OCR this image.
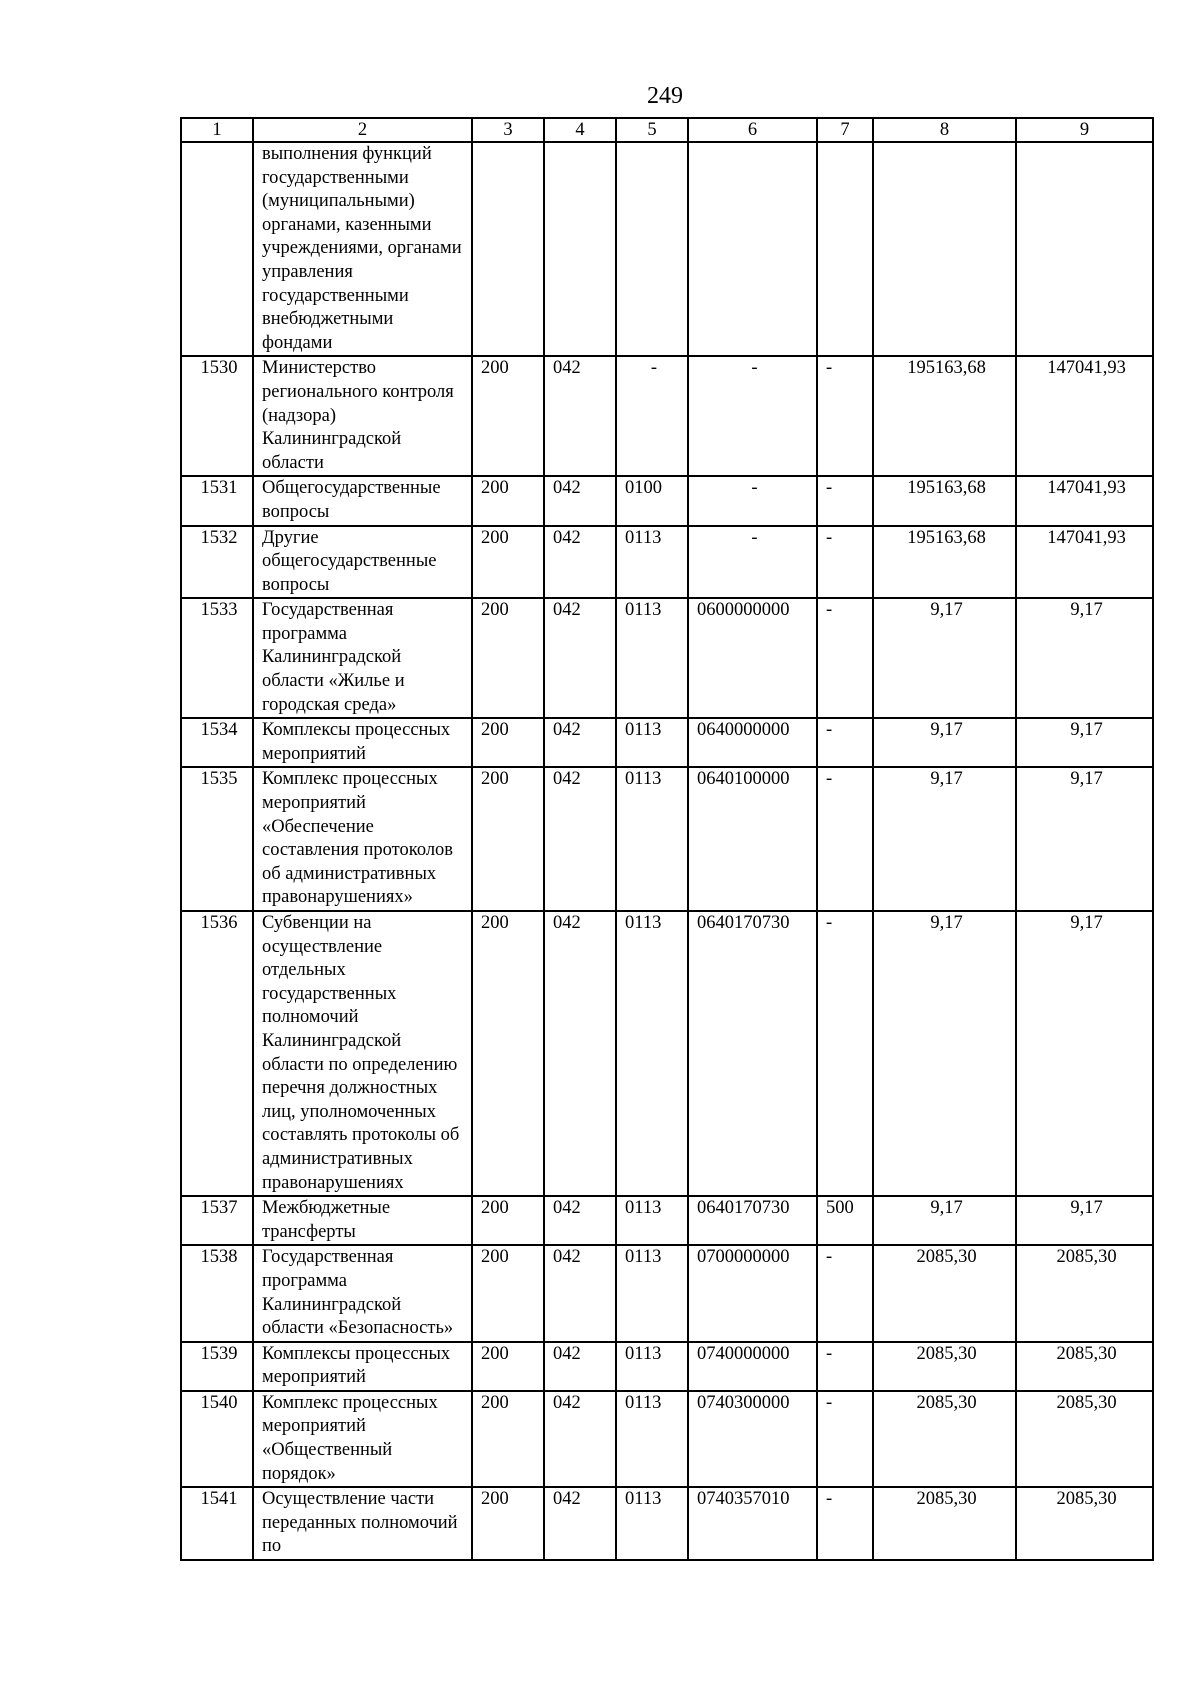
249
1	2	3	4	5	6	7	8	9
	выполнения функций государственными (муниципальными) органами, казенными учреждениями, органами управления государственными внебюджетными фондами							
1530	Министерство регионального контроля (надзора) Калининградской области	200	042	-	-	-	195163,68	147041,93
1531	Общегосударственные вопросы	200	042	0100	-	-	195163,68	147041,93
1532	Другие общегосударственные вопросы	200	042	0113	-	-	195163,68	147041,93
1533	Государственная программа Калининградской области «Жилье и городская среда»	200	042	0113	0600000000	-	9,17	9,17
1534	Комплексы процессных мероприятий	200	042	0113	0640000000	-	9,17	9,17
1535	Комплекс процессных мероприятий «Обеспечение составления протоколов об административных правонарушениях»	200	042	0113	0640100000	-	9,17	9,17
1536	Субвенции на осуществление отдельных государственных полномочий Калининградской области по определению перечня должностных лиц, уполномоченных составлять протоколы об административных правонарушениях	200	042	0113	0640170730	-	9,17	9,17
1537	Межбюджетные трансферты	200	042	0113	0640170730	500	9,17	9,17
1538	Государственная программа Калининградской области «Безопасность»	200	042	0113	0700000000	-	2085,30	2085,30
1539	Комплексы процессных мероприятий	200	042	0113	0740000000	-	2085,30	2085,30
1540	Комплекс процессных мероприятий «Общественный порядок»	200	042	0113	0740300000	-	2085,30	2085,30
1541	Осуществление части переданных полномочий по	200	042	0113	0740357010	-	2085,30	2085,30
